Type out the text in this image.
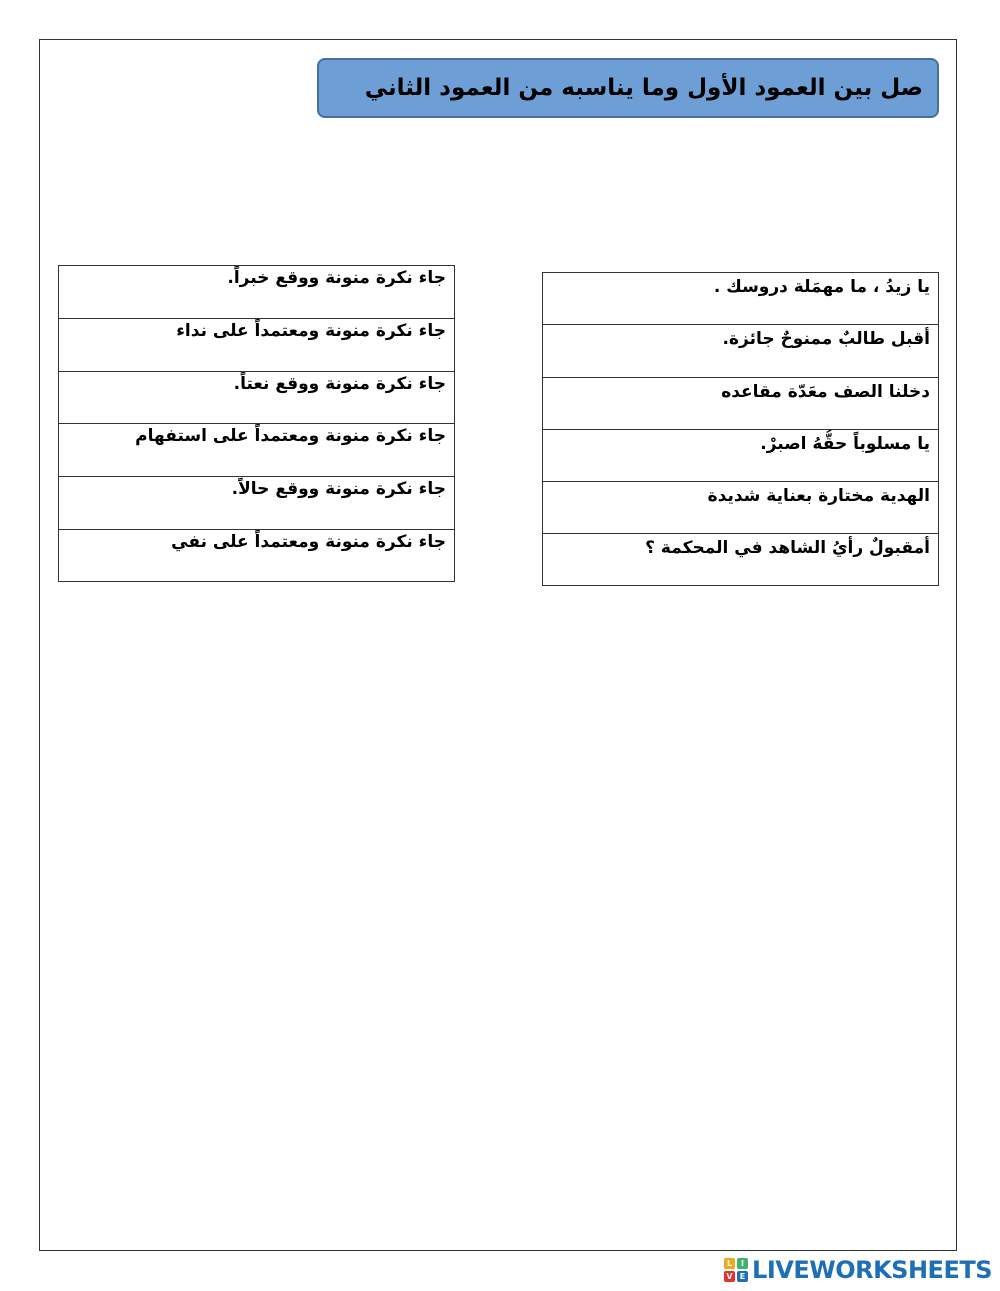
صل بين العمود الأول وما يناسبه من العمود الثاني
جاء نكرة منونة ووقع خبراً.
جاء نكرة منونة ومعتمداً على نداء
جاء نكرة منونة ووقع نعتاً.
جاء نكرة منونة ومعتمداً على استفهام
جاء نكرة منونة ووقع حالاً.
جاء نكرة منونة ومعتمداً على نفي
يا زيدُ ، ما مهمَلة دروسك .
أقبل طالبٌ ممنوحٌ جائزة.
دخلنا الصف معَدّة مقاعده
يا مسلوباً حقُّهُ اصبرْ.
الهدية مختارة بعناية شديدة
أمقبولٌ رأيُ الشاهد في المحكمة ؟
L	I
V E LIVEWORKSHEETS
